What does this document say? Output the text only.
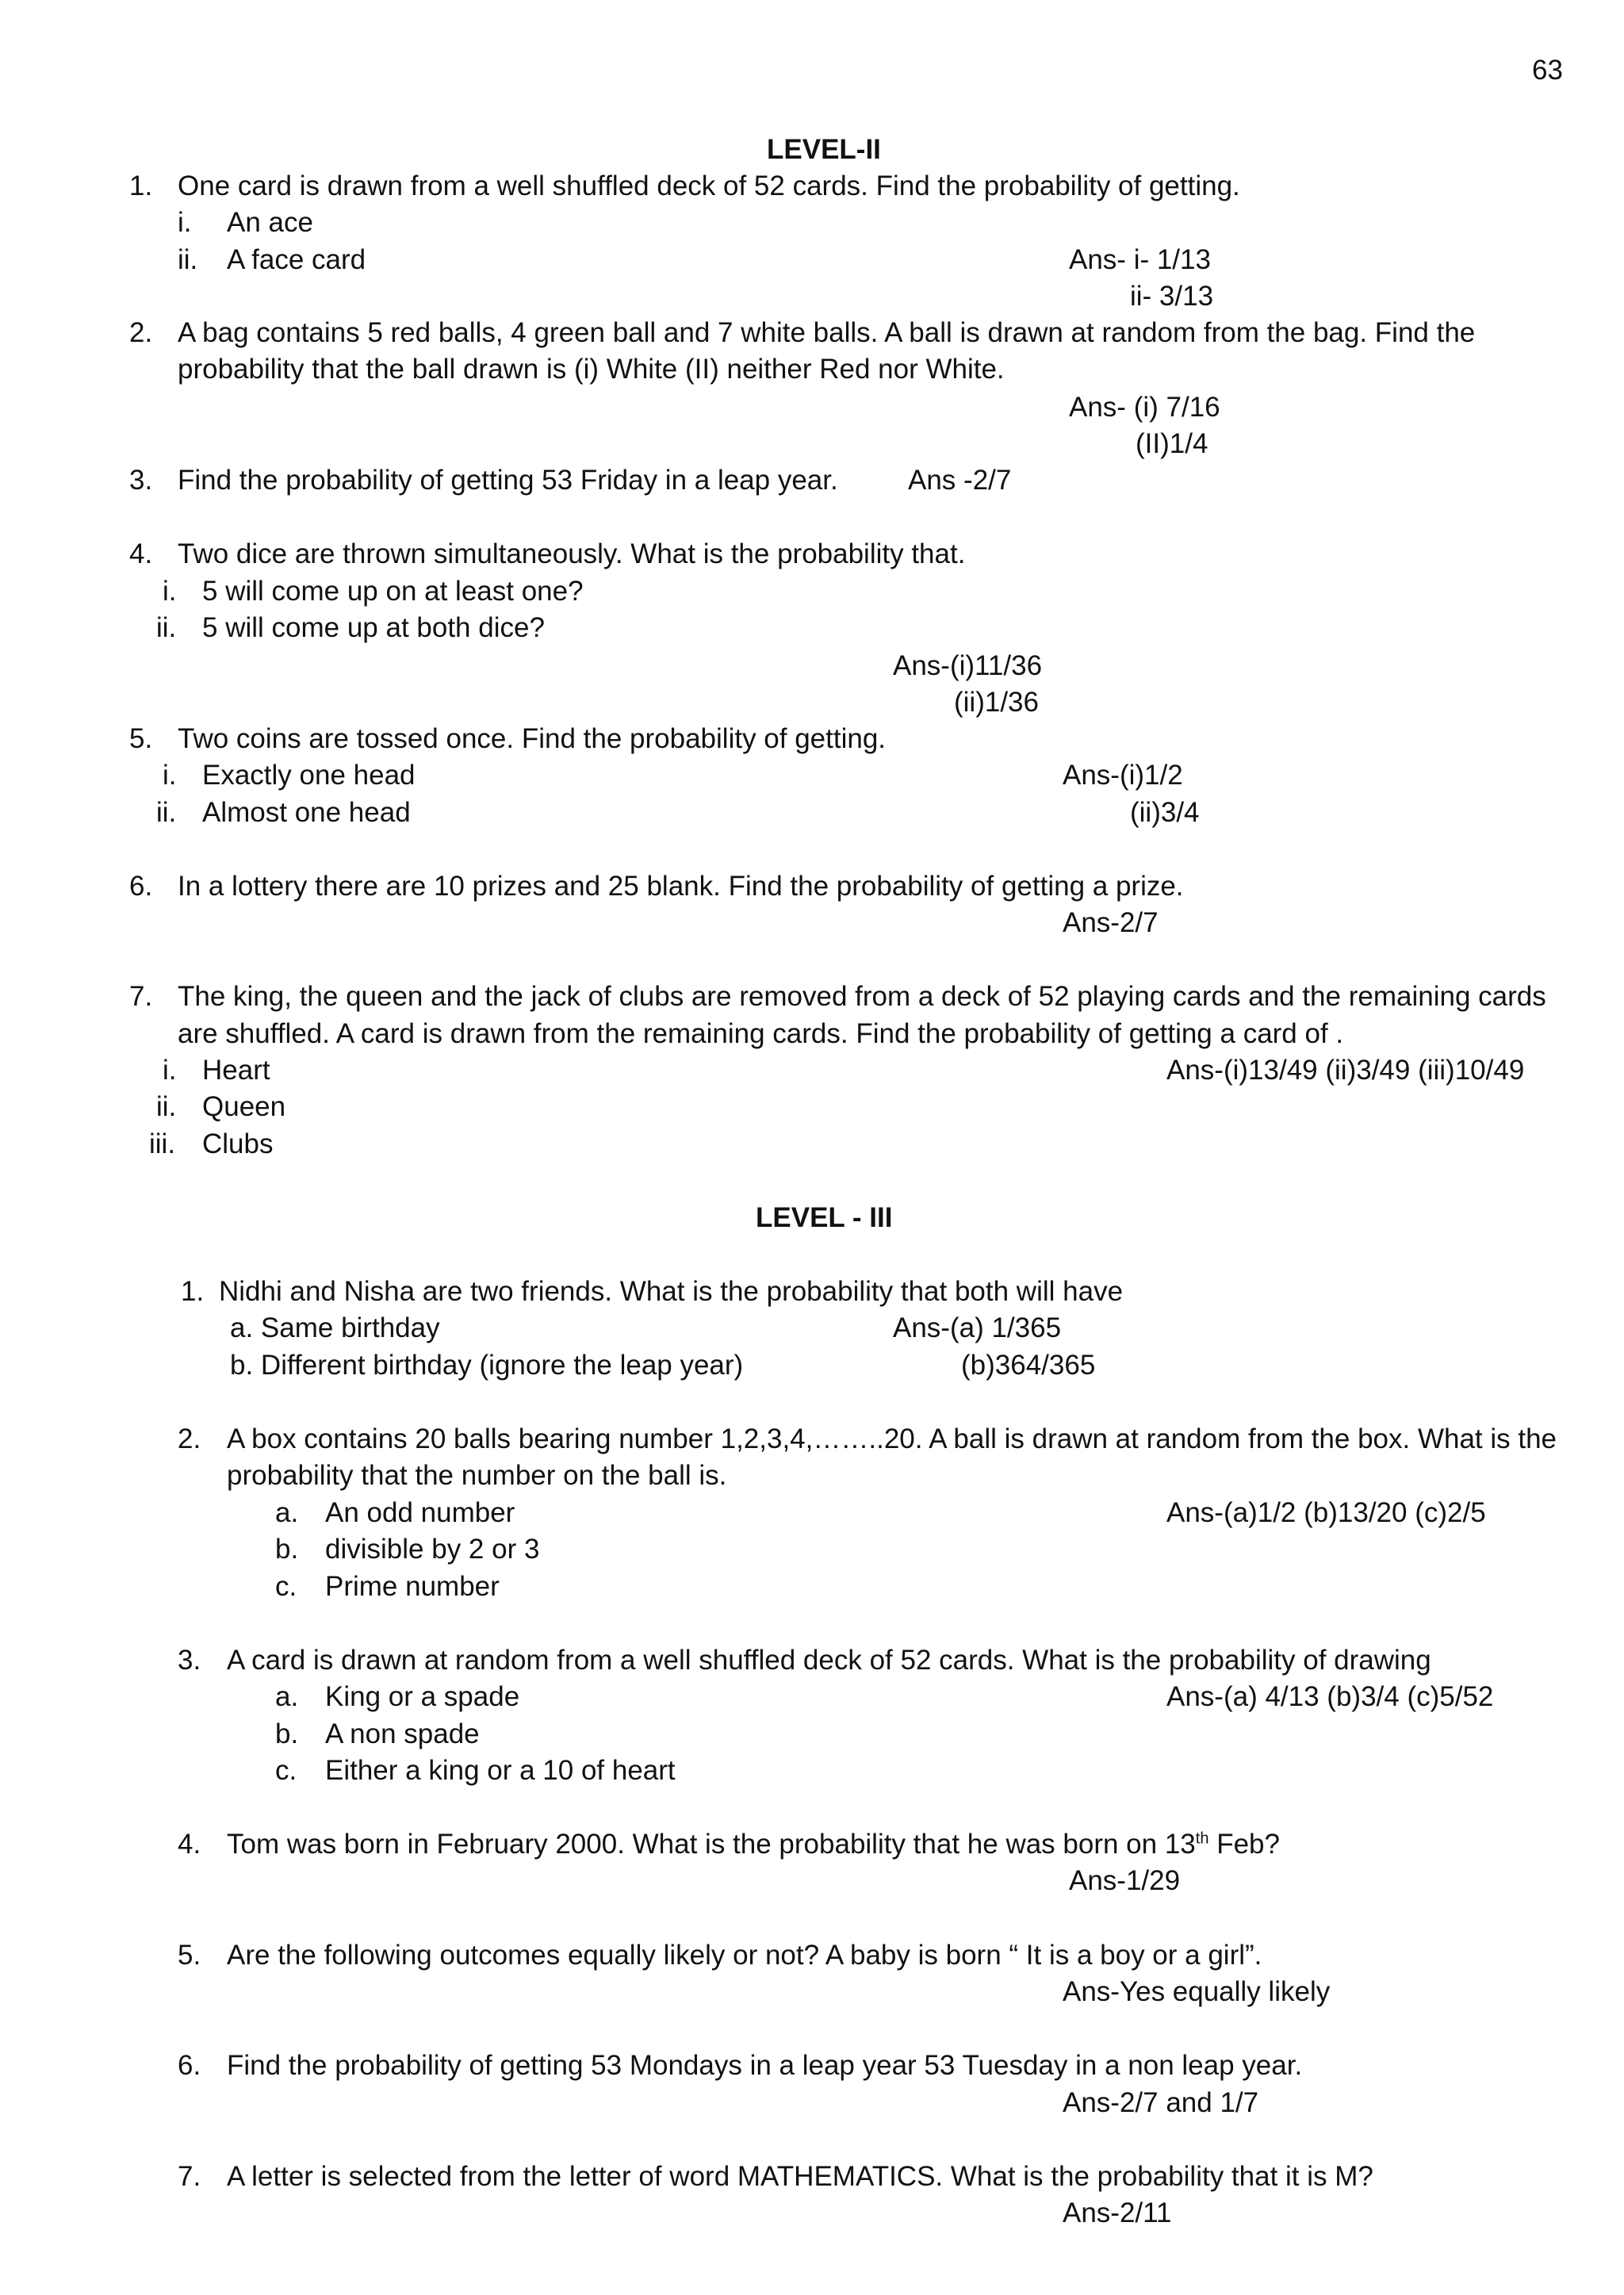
63
LEVEL-II
1. One card is drawn from a well shuffled deck of 52 cards. Find the probability of getting.
i. An ace
ii. A face card	Ans- i- 1/13
ii- 3/13
2. A bag contains 5 red balls, 4 green ball and 7 white balls. A ball is drawn at random from the bag. Find the
probability that the ball drawn is (i) White (II) neither Red nor White.
Ans- (i) 7/16
(II)1/4
3. Find the probability of getting 53 Friday in a leap year.	Ans -2/7
4. Two dice are thrown simultaneously. What is the probability that.
i. 5 will come up on at least one?
ii. 5 will come up at both dice?
Ans-(i)11/36
(ii)1/36
5. Two coins are tossed once. Find the probability of getting.
i. Exactly one head	Ans-(i)1/2
ii. Almost one head	(ii)3/4
6. In a lottery there are 10 prizes and 25 blank. Find the probability of getting a prize.
Ans-2/7
7. The king, the queen and the jack of clubs are removed from a deck of 52 playing cards and the remaining cards
are shuffled. A card is drawn from the remaining cards. Find the probability of getting a card of .
i. Heart	Ans-(i)13/49 (ii)3/49 (iii)10/49
ii. Queen
iii. Clubs
LEVEL - III
1. Nidhi and Nisha are two friends. What is the probability that both will have
a. Same birthday	Ans-(a) 1/365
b. Different birthday (ignore the leap year)	(b)364/365
2. A box contains 20 balls bearing number 1,2,3,4,……..20. A ball is drawn at random from the box. What is the
probability that the number on the ball is.
a. An odd number	Ans-(a)1/2 (b)13/20 (c)2/5
b. divisible by 2 or 3
c. Prime number
3. A card is drawn at random from a well shuffled deck of 52 cards. What is the probability of drawing
a. King or a spade	Ans-(a) 4/13 (b)3/4 (c)5/52
b. A non spade
c. Either a king or a 10 of heart
4. Tom was born in February 2000. What is the probability that he was born on 13th Feb?
Ans-1/29
5. Are the following outcomes equally likely or not? A baby is born “ It is a boy or a girl”.
Ans-Yes equally likely
6. Find the probability of getting 53 Mondays in a leap year 53 Tuesday in a non leap year.
Ans-2/7 and 1/7
7. A letter is selected from the letter of word MATHEMATICS. What is the probability that it is M?
Ans-2/11
